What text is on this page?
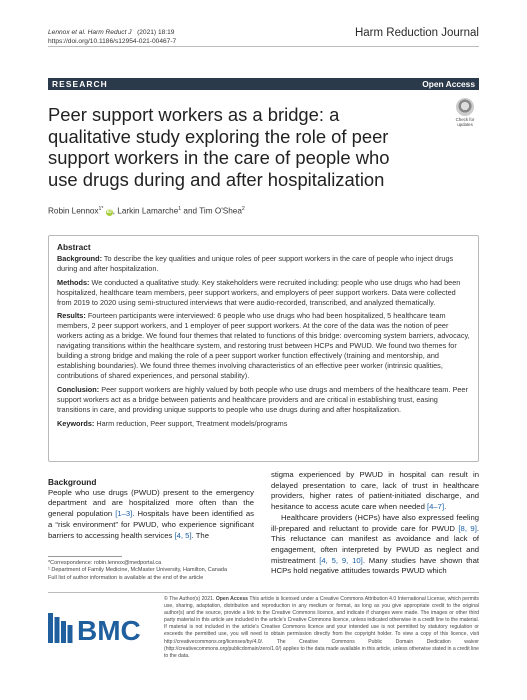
Lennox et al. Harm Reduct J (2021) 18:19
https://doi.org/10.1186/s12954-021-00467-7
Harm Reduction Journal
RESEARCH	Open Access
Peer support workers as a bridge: a qualitative study exploring the role of peer support workers in the care of people who use drugs during and after hospitalization
Check for
updates
Robin Lennox$^{1*}$ iD, Larkin Lamarche$^1$ and Tim O'Shea$^2$
Abstract

Background: To describe the key qualities and unique roles of peer support workers in the care of people who inject drugs during and after hospitalization.

Methods: We conducted a qualitative study. Key stakeholders were recruited including: people who use drugs who had been hospitalized, healthcare team members, peer support workers, and employers of peer support workers. Data were collected from 2019 to 2020 using semi-structured interviews that were audio-recorded, transcribed, and analyzed thematically.

Results: Fourteen participants were interviewed: 6 people who use drugs who had been hospitalized, 5 healthcare team members, 2 peer support workers, and 1 employer of peer support workers. At the core of the data was the notion of peer workers acting as a bridge. We found four themes that related to functions of this bridge: overcoming system barriers, advocacy, navigating transitions within the healthcare system, and restoring trust between HCPs and PWUD. We found two themes for building a strong bridge and making the role of a peer support worker function effectively (training and mentorship, and establishing boundaries). We found three themes involving characteristics of an effective peer worker (intrinsic qualities, contributions of shared experiences, and personal stability).

Conclusion: Peer support workers are highly valued by both people who use drugs and members of the healthcare team. Peer support workers act as a bridge between patients and healthcare providers and are critical in establishing trust, easing transitions in care, and providing unique supports to people who use drugs during and after hospitalization.

Keywords: Harm reduction, Peer support, Treatment models/programs

Background

People who use drugs (PWUD) present to the emergency department and are hospitalized more often than the general population [1–3]. Hospitals have been identified as a “risk environment” for PWUD, who experience significant barriers to accessing health services [4, 5]. The

stigma experienced by PWUD in hospital can result in delayed presentation to care, lack of trust in healthcare providers, higher rates of patient-initiated discharge, and hesitance to access acute care when needed [4–7].

Healthcare providers (HCPs) have also expressed feeling ill-prepared and reluctant to provide care for PWUD [8, 9]. This reluctance can manifest as avoidance and lack of engagement, often interpreted by PWUD as neglect and mistreatment [4, 5, 9, 10]. Many studies have shown that HCPs hold negative attitudes towards PWUD which

*Correspondence: robin.lennox@medportal.ca

¹ Department of Family Medicine, McMaster University, Hamilton, Canada

Full list of author information is available at the end of the article

BMC
© The Author(s) 2021. Open Access This article is licensed under a Creative Commons Attribution 4.0 International License, which permits use, sharing, adaptation, distribution and reproduction in any medium or format, as long as you give appropriate credit to the original author(s) and the source, provide a link to the Creative Commons licence, and indicate if changes were made. The images or other third party material in this article are included in the article's Creative Commons licence, unless indicated otherwise in a credit line to the material. If material is not included in the article's Creative Commons licence and your intended use is not permitted by statutory regulation or exceeds the permitted use, you will need to obtain permission directly from the copyright holder. To view a copy of this licence, visit http://creativecommons.org/licenses/by/4.0/. The Creative Commons Public Domain Dedication waiver (http://creativecommons.org/publicdomain/zero/1.0/) applies to the data made available in this article, unless otherwise stated in a credit line to the data.
